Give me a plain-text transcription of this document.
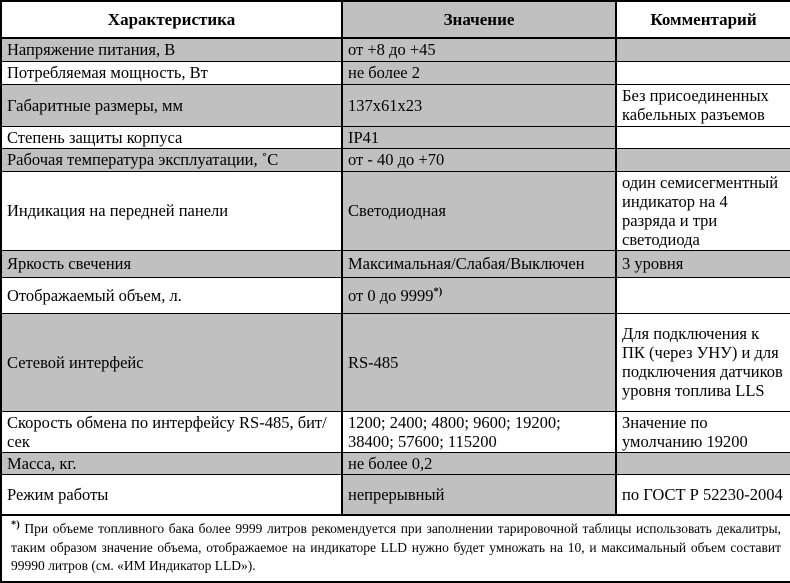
Характеристика	Значение	Комментарий
Напряжение питания, В	от +8 до +45	
Потребляемая мощность, Вт	не более 2	
Габаритные размеры, мм	137x61x23	Без присоединенных кабельных разъемов
Степень защиты корпуса	IP41	
Рабочая температура эксплуатации, ˚С	от - 40 до +70	
Индикация на передней панели	Светодиодная	один семисегментный индикатор на 4 разряда и три светодиода
Яркость свечения	Максимальная/Слабая/Выключен	3 уровня
Отображаемый объем, л.	от 0 до 9999*)	
Сетевой интерфейс	RS-485	Для подключения к ПК (через УНУ) и для подключения датчиков уровня топлива LLS
Скорость обмена по интерфейсу RS-485, бит/сек	1200; 2400; 4800; 9600; 19200; 38400; 57600; 115200	Значение по умолчанию 19200
Масса, кг.	не более 0,2	
Режим работы	непрерывный	по ГОСТ Р 52230-2004
*) При объеме топливного бака более 9999 литров рекомендуется при заполнении тарировочной таблицы использовать декалитры, таким образом значение объема, отображаемое на индикаторе LLD нужно будет умножать на 10, и максимальный объем составит 99990 литров (см. «ИМ Индикатор LLD»).		
